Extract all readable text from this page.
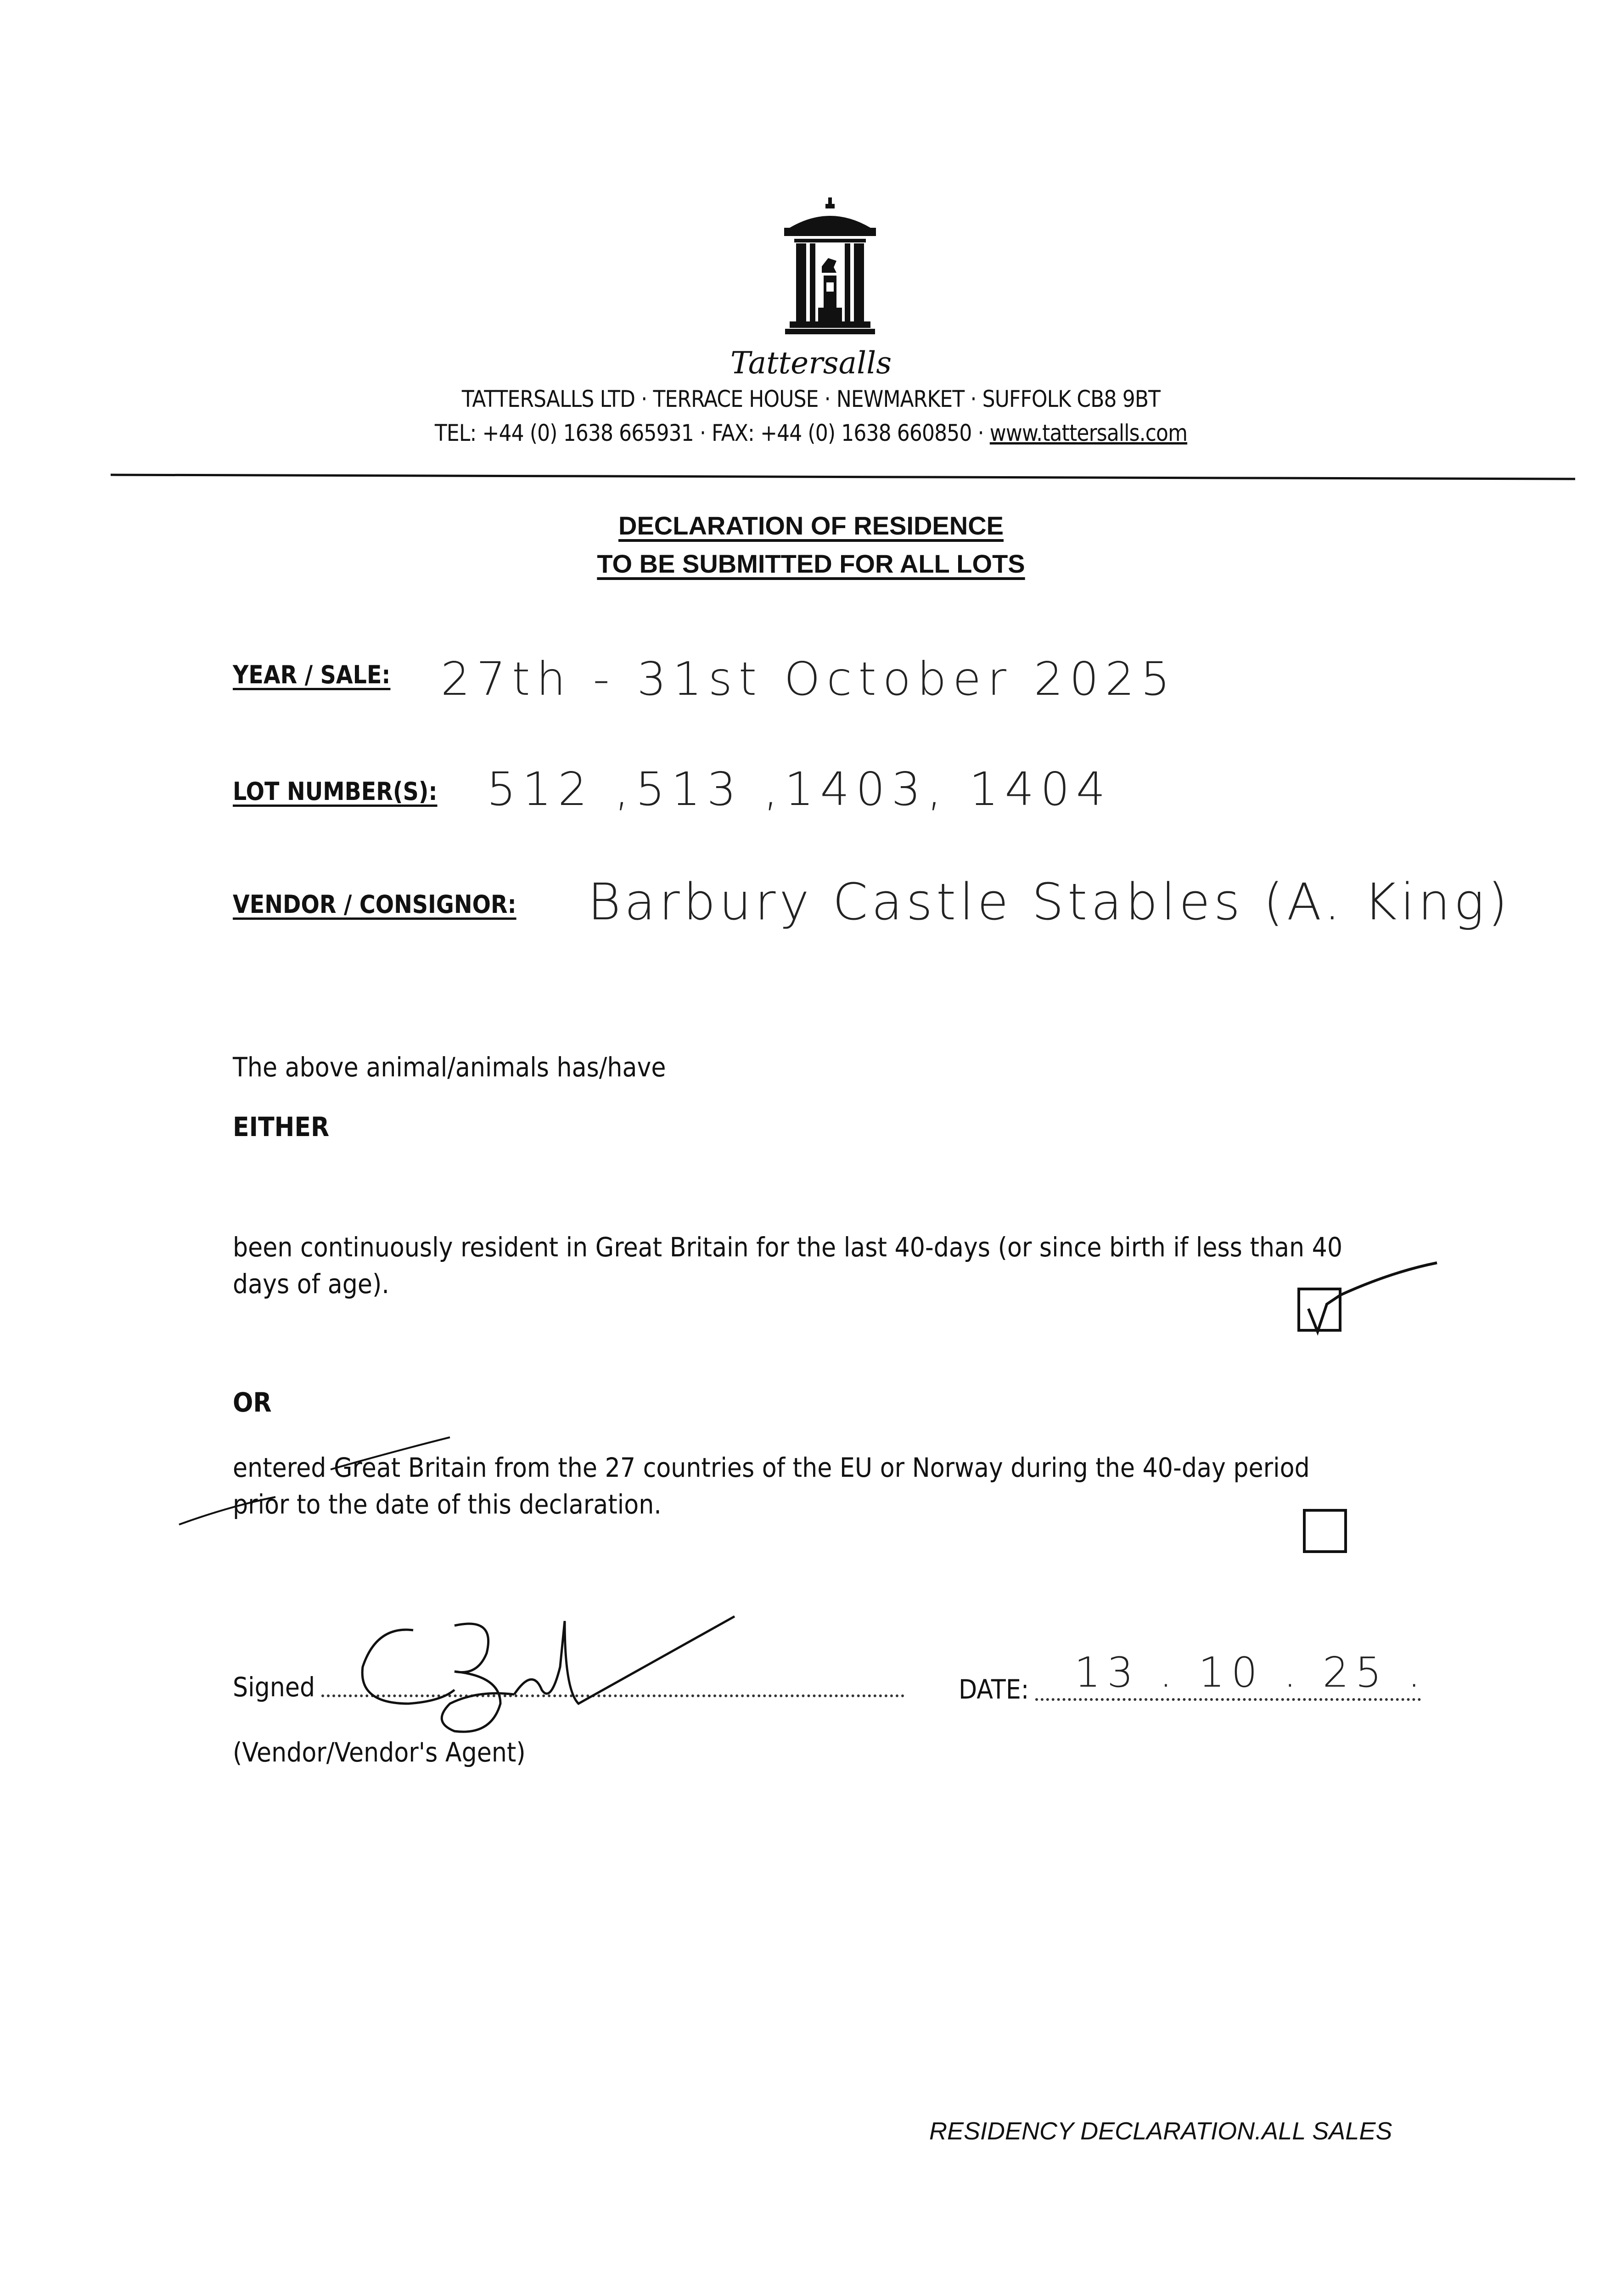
Tattersalls
TATTERSALLS LTD · TERRACE HOUSE · NEWMARKET · SUFFOLK CB8 9BT
TEL: +44 (0) 1638 665931 · FAX: +44 (0) 1638 660850 · www.tattersalls.com
DECLARATION OF RESIDENCE
TO BE SUBMITTED FOR ALL LOTS
YEAR / SALE: 27th - 31st October 2025
LOT NUMBER(S): 512 ,513 ,1403, 1404
VENDOR / CONSIGNOR: Barbury Castle Stables (A. King)
The above animal/animals has/have
EITHER
been continuously resident in Great Britain for the last 40-days (or since birth if less than 40
days of age).
OR
entered Great Britain from the 27 countries of the EU or Norway during the 40-day period
prior to the date of this declaration.
Signed	DATE: 13 . 10 . 25 .
(Vendor/Vendor's Agent)
RESIDENCY DECLARATION.ALL SALES
